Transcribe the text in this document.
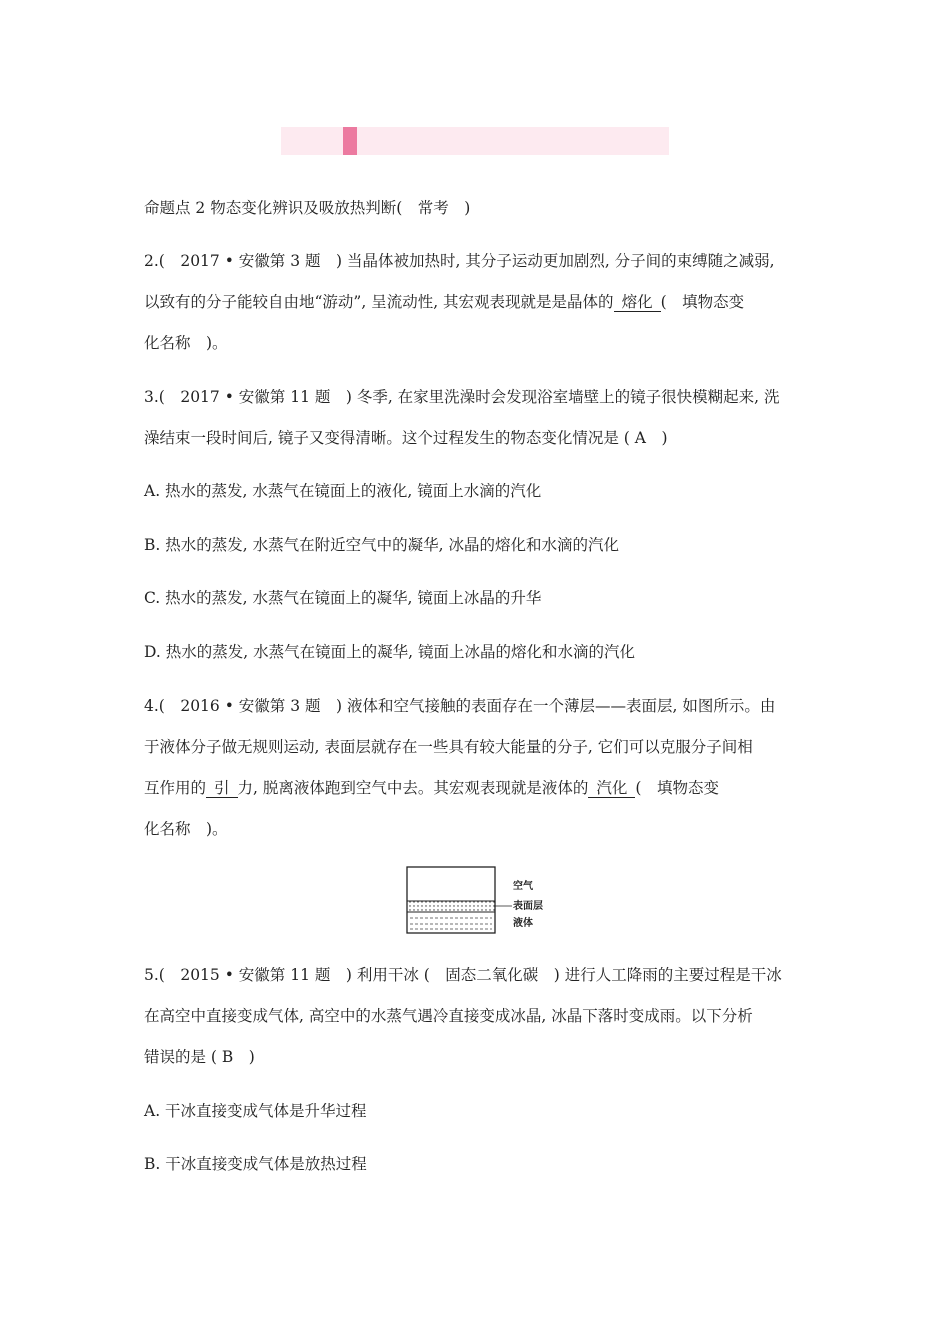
命题点 2 物态变化辨识及吸放热判断(　常考　)
2.(　2017 • 安徽第 3 题　) 当晶体被加热时, 其分子运动更加剧烈, 分子间的束缚随之减弱,
以致有的分子能较自由地“游动”, 呈流动性, 其宏观表现就是是晶体的 熔化 (　填物态变
化名称　)。
3.(　2017 • 安徽第 11 题　) 冬季, 在家里洗澡时会发现浴室墙壁上的镜子很快模糊起来, 洗
澡结束一段时间后, 镜子又变得清晰。这个过程发生的物态变化情况是 ( A　)
A. 热水的蒸发, 水蒸气在镜面上的液化, 镜面上水滴的汽化
B. 热水的蒸发, 水蒸气在附近空气中的凝华, 冰晶的熔化和水滴的汽化
C. 热水的蒸发, 水蒸气在镜面上的凝华, 镜面上冰晶的升华
D. 热水的蒸发, 水蒸气在镜面上的凝华, 镜面上冰晶的熔化和水滴的汽化
4.(　2016 • 安徽第 3 题　) 液体和空气接触的表面存在一个薄层——表面层, 如图所示。由
于液体分子做无规则运动, 表面层就存在一些具有较大能量的分子, 它们可以克服分子间相
互作用的 引 力, 脱离液体跑到空气中去。其宏观表现就是液体的 汽化 (　填物态变
化名称　)。
空气
表面层
液体
5.(　2015 • 安徽第 11 题　) 利用干冰 (　固态二氧化碳　) 进行人工降雨的主要过程是干冰
在高空中直接变成气体, 高空中的水蒸气遇冷直接变成冰晶, 冰晶下落时变成雨。以下分析
错误的是 ( B　)
A. 干冰直接变成气体是升华过程
B. 干冰直接变成气体是放热过程
